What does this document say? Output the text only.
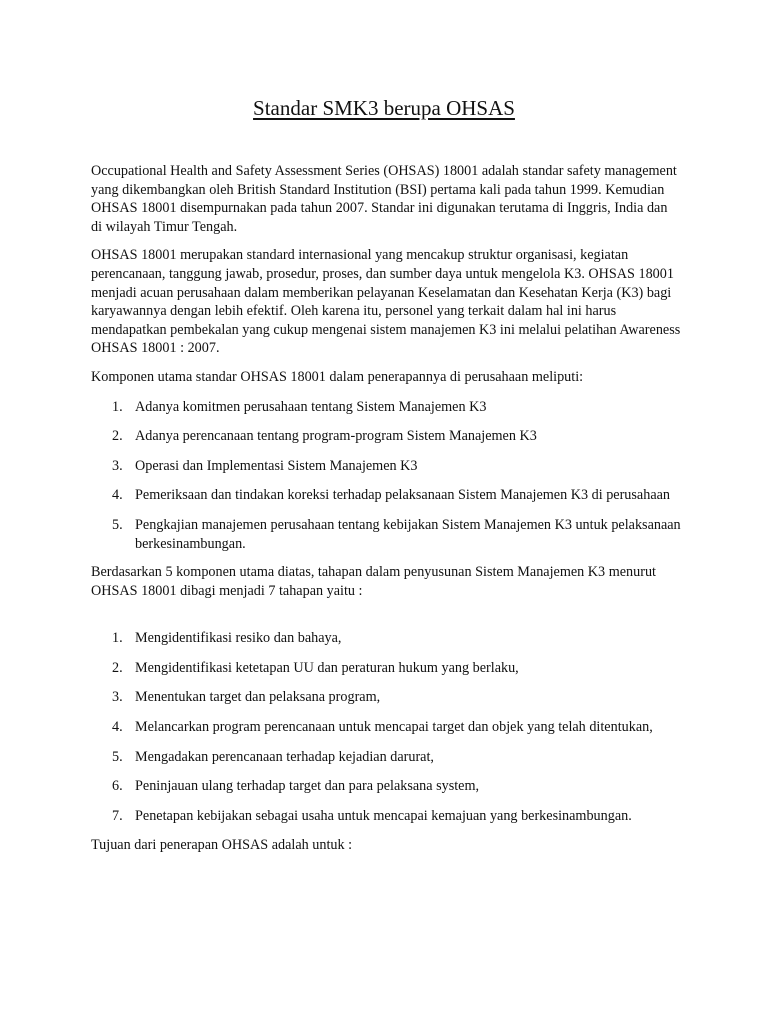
Standar SMK3 berupa OHSAS

Occupational Health and Safety Assessment Series (OHSAS) 18001 adalah standar safety management yang dikembangkan oleh British Standard Institution (BSI) pertama kali pada tahun 1999. Kemudian OHSAS 18001 disempurnakan pada tahun 2007. Standar ini digunakan terutama di Inggris, India dan di wilayah Timur Tengah.

OHSAS 18001 merupakan standard internasional yang mencakup struktur organisasi, kegiatan perencanaan, tanggung jawab, prosedur, proses, dan sumber daya untuk mengelola K3. OHSAS 18001 menjadi acuan perusahaan dalam memberikan pelayanan Keselamatan dan Kesehatan Kerja (K3) bagi karyawannya dengan lebih efektif. Oleh karena itu, personel yang terkait dalam hal ini harus mendapatkan pembekalan yang cukup mengenai sistem manajemen K3 ini melalui pelatihan Awareness OHSAS 18001 : 2007.

Komponen utama standar OHSAS 18001 dalam penerapannya di perusahaan meliputi:

1. Adanya komitmen perusahaan tentang Sistem Manajemen K3
2. Adanya perencanaan tentang program-program Sistem Manajemen K3
3. Operasi dan Implementasi Sistem Manajemen K3
4. Pemeriksaan dan tindakan koreksi terhadap pelaksanaan Sistem Manajemen K3 di perusahaan
5. Pengkajian manajemen perusahaan tentang kebijakan Sistem Manajemen K3 untuk pelaksanaan berkesinambungan.

Berdasarkan 5 komponen utama diatas, tahapan dalam penyusunan Sistem Manajemen K3 menurut OHSAS 18001 dibagi menjadi 7 tahapan yaitu :

1. Mengidentifikasi resiko dan bahaya,
2. Mengidentifikasi ketetapan UU dan peraturan hukum yang berlaku,
3. Menentukan target dan pelaksana program,
4. Melancarkan program perencanaan untuk mencapai target dan objek yang telah ditentukan,
5. Mengadakan perencanaan terhadap kejadian darurat,
6. Peninjauan ulang terhadap target dan para pelaksana system,
7. Penetapan kebijakan sebagai usaha untuk mencapai kemajuan yang berkesinambungan.

Tujuan dari penerapan OHSAS adalah untuk :
